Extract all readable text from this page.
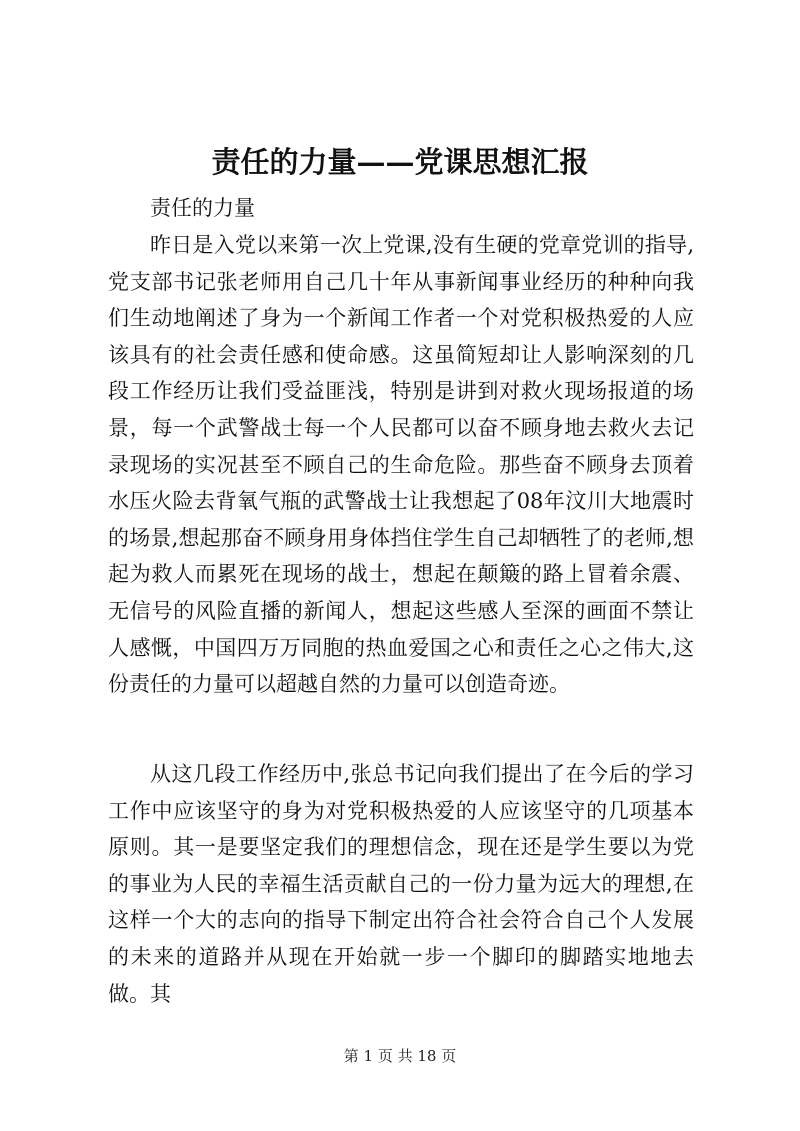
责任的力量——党课思想汇报

责任的力量

昨日是入党以来第一次上党课,没有生硬的党章党训的指导,党支部书记张老师用自己几十年从事新闻事业经历的种种向我们生动地阐述了身为一个新闻工作者一个对党积极热爱的人应该具有的社会责任感和使命感。这虽简短却让人影响深刻的几段工作经历让我们受益匪浅，特别是讲到对救火现场报道的场景，每一个武警战士每一个人民都可以奋不顾身地去救火去记录现场的实况甚至不顾自己的生命危险。那些奋不顾身去顶着水压火险去背氧气瓶的武警战士让我想起了08年汶川大地震时的场景,想起那奋不顾身用身体挡住学生自己却牺牲了的老师,想起为救人而累死在现场的战士，想起在颠簸的路上冒着余震、无信号的风险直播的新闻人，想起这些感人至深的画面不禁让人感慨，中国四万万同胞的热血爱国之心和责任之心之伟大,这份责任的力量可以超越自然的力量可以创造奇迹。

从这几段工作经历中,张总书记向我们提出了在今后的学习工作中应该坚守的身为对党积极热爱的人应该坚守的几项基本原则。其一是要坚定我们的理想信念，现在还是学生要以为党的事业为人民的幸福生活贡献自己的一份力量为远大的理想,在这样一个大的志向的指导下制定出符合社会符合自己个人发展的未来的道路并从现在开始就一步一个脚印的脚踏实地地去做。其

第 1 页 共 18 页
